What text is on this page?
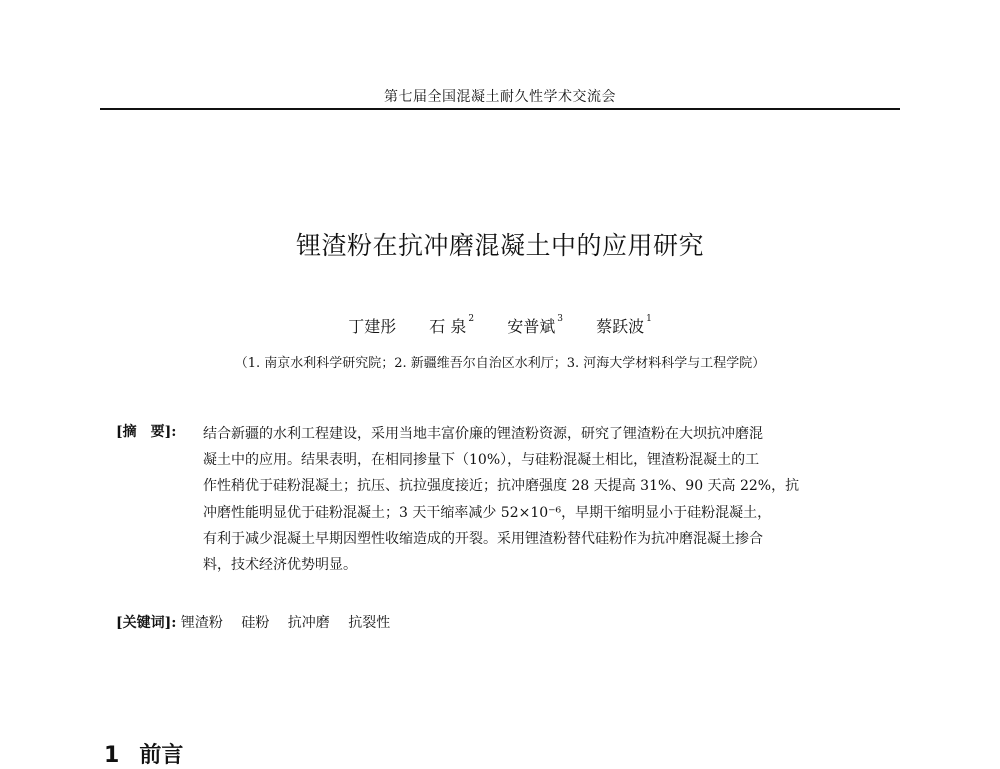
第七届全国混凝土耐久性学术交流会
锂渣粉在抗冲磨混凝土中的应用研究
丁建彤 石 泉 $^2$ 安普斌 $^3$ 蔡跃波 $^1$
（1. 南京水利科学研究院；2. 新疆维吾尔自治区水利厅；3. 河海大学材料科学与工程学院）
[摘　要]: 结合新疆的水利工程建设，采用当地丰富价廉的锂渣粉资源，研究了锂渣粉在大坝抗冲磨混
凝土中的应用。结果表明，在相同掺量下（10%），与硅粉混凝土相比，锂渣粉混凝土的工
作性稍优于硅粉混凝土；抗压、抗拉强度接近；抗冲磨强度 28 天提高 31%、90 天高 22%，抗
冲磨性能明显优于硅粉混凝土；3 天干缩率减少 52×10⁻⁶，早期干缩明显小于硅粉混凝土，
有利于减少混凝土早期因塑性收缩造成的开裂。采用锂渣粉替代硅粉作为抗冲磨混凝土掺合
料，技术经济优势明显。
[关键词]: 锂渣粉 硅粉 抗冲磨 抗裂性
1 前言
